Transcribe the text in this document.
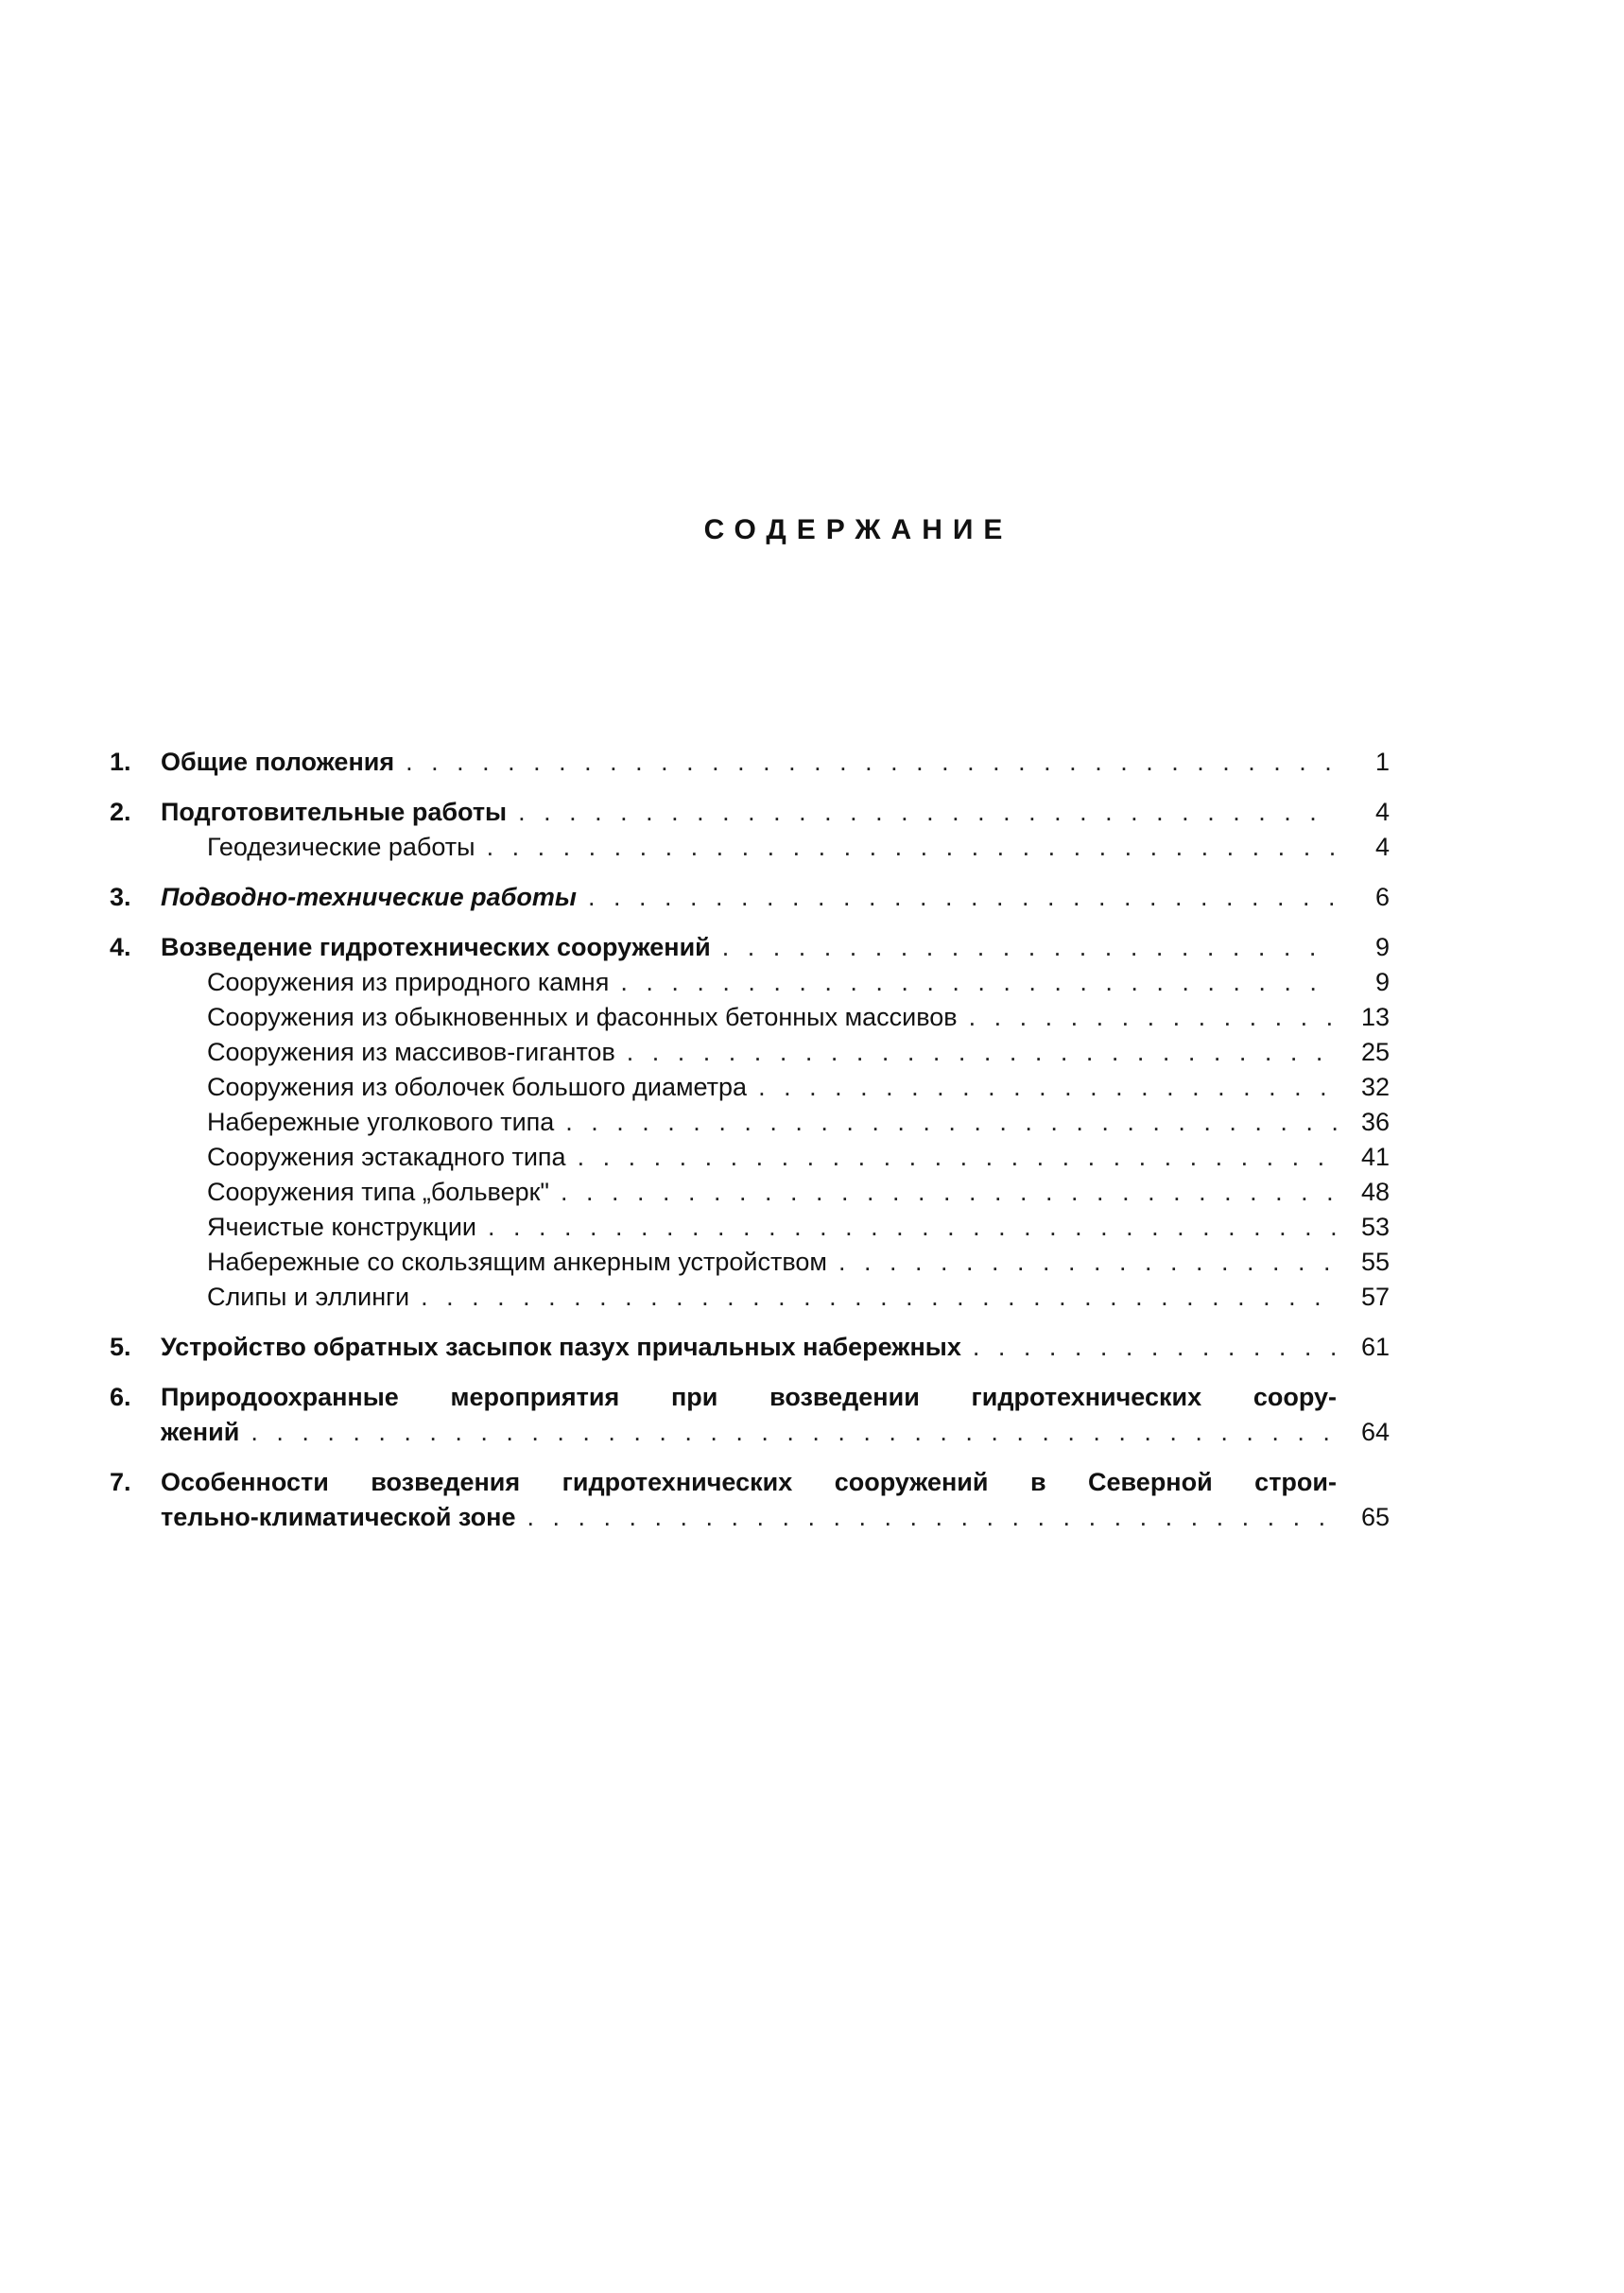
СОДЕРЖАНИЕ
1.	Общие положения . . .	1
2.	Подготовительные работы . . .	4
Геодезические работы . . .	4
3.	Подводно-технические работы . . .	6
4.	Возведение гидротехнических сооружений . . .	9
Сооружения из природного камня . . .	9
Сооружения из обыкновенных и фасонных бетонных массивов . . .	13
Сооружения из массивов-гигантов . . .	25
Сооружения из оболочек большого диаметра . . .	32
Набережные уголкового типа . . .	36
Сооружения эстакадного типа . . .	41
Сооружения типа „больверк" . . .	48
Ячеистые конструкции . . .	53
Набережные со скользящим анкерным устройством . . .	55
Слипы и эллинги . . .	57
5.	Устройство обратных засыпок пазух причальных набережных . . .	61
6.	Природоохранные мероприятия при возведении гидротехнических соору-
жений . . .	64
7.	Особенности возведения гидротехнических сооружений в Северной строи-
тельно-климатической зоне . . .	65
